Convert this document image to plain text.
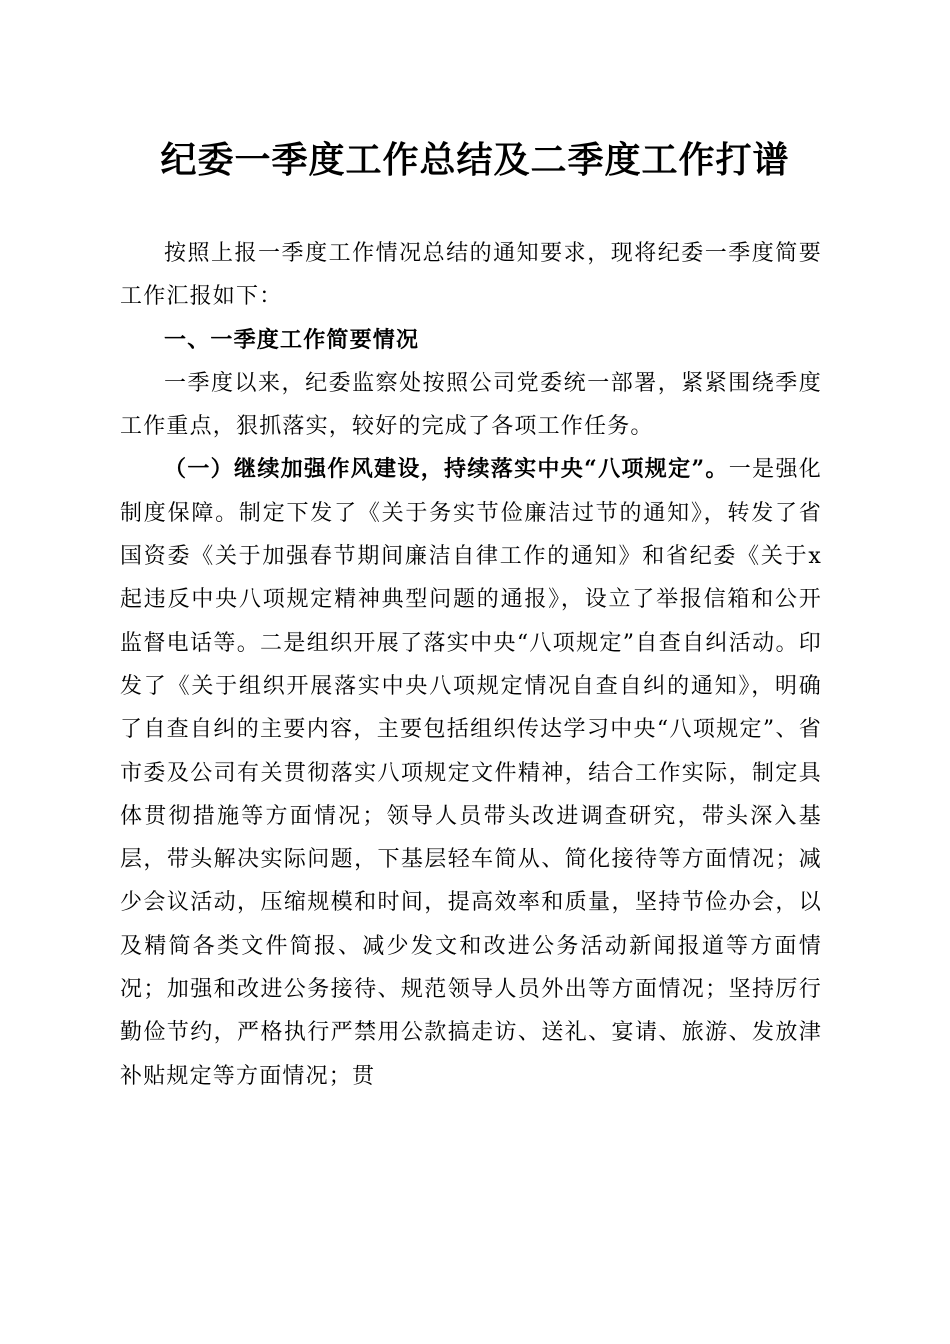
纪委一季度工作总结及二季度工作打谱

按照上报一季度工作情况总结的通知要求，现将纪委一季度简要工作汇报如下：

一、一季度工作简要情况

一季度以来，纪委监察处按照公司党委统一部署，紧紧围绕季度工作重点，狠抓落实，较好的完成了各项工作任务。

（一）继续加强作风建设，持续落实中央“八项规定”。一是强化制度保障。制定下发了《关于务实节俭廉洁过节的通知》，转发了省国资委《关于加强春节期间廉洁自律工作的通知》和省纪委《关于x起违反中央八项规定精神典型问题的通报》，设立了举报信箱和公开监督电话等。二是组织开展了落实中央“八项规定”自查自纠活动。印发了《关于组织开展落实中央八项规定情况自查自纠的通知》，明确了自查自纠的主要内容，主要包括组织传达学习中央“八项规定”、省市委及公司有关贯彻落实八项规定文件精神，结合工作实际，制定具体贯彻措施等方面情况；领导人员带头改进调查研究，带头深入基层，带头解决实际问题，下基层轻车简从、简化接待等方面情况；减少会议活动，压缩规模和时间，提高效率和质量，坚持节俭办会，以及精简各类文件简报、减少发文和改进公务活动新闻报道等方面情况；加强和改进公务接待、规范领导人员外出等方面情况；坚持厉行勤俭节约，严格执行严禁用公款搞走访、送礼、宴请、旅游、发放津补贴规定等方面情况；贯
